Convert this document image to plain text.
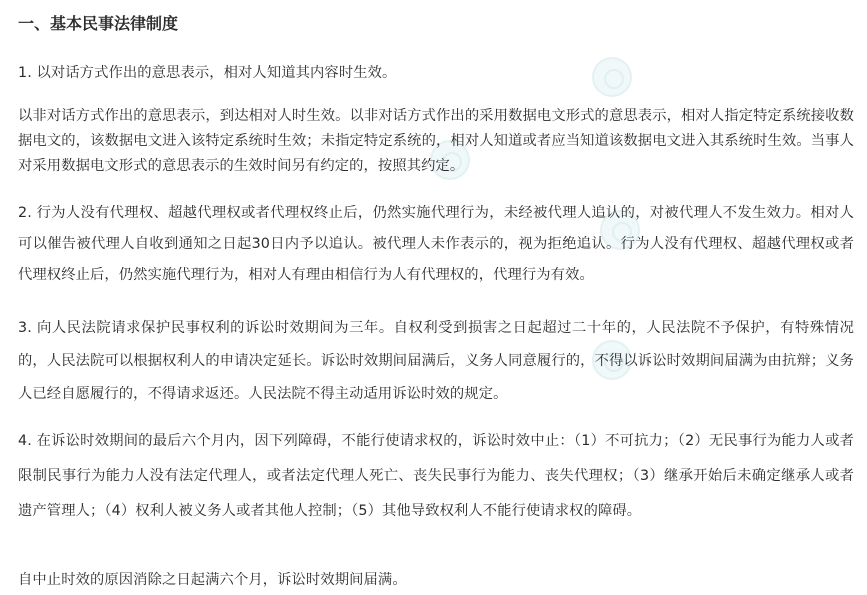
一、基本民事法律制度

1. 以对话方式作出的意思表示，相对人知道其内容时生效。

以非对话方式作出的意思表示，到达相对人时生效。以非对话方式作出的采用数据电文形式的意思表示，相对人指定特定系统接收数据电文的，该数据电文进入该特定系统时生效；未指定特定系统的，相对人知道或者应当知道该数据电文进入其系统时生效。当事人对采用数据电文形式的意思表示的生效时间另有约定的，按照其约定。

2. 行为人没有代理权、超越代理权或者代理权终止后，仍然实施代理行为，未经被代理人追认的，对被代理人不发生效力。相对人可以催告被代理人自收到通知之日起30日内予以追认。被代理人未作表示的，视为拒绝追认。行为人没有代理权、超越代理权或者代理权终止后，仍然实施代理行为，相对人有理由相信行为人有代理权的，代理行为有效。

3. 向人民法院请求保护民事权利的诉讼时效期间为三年。自权利受到损害之日起超过二十年的，人民法院不予保护，有特殊情况的，人民法院可以根据权利人的申请决定延长。诉讼时效期间届满后，义务人同意履行的，不得以诉讼时效期间届满为由抗辩；义务人已经自愿履行的，不得请求返还。人民法院不得主动适用诉讼时效的规定。

4. 在诉讼时效期间的最后六个月内，因下列障碍，不能行使请求权的，诉讼时效中止：（1）不可抗力；（2）无民事行为能力人或者限制民事行为能力人没有法定代理人，或者法定代理人死亡、丧失民事行为能力、丧失代理权；（3）继承开始后未确定继承人或者遗产管理人；（4）权利人被义务人或者其他人控制；（5）其他导致权利人不能行使请求权的障碍。

自中止时效的原因消除之日起满六个月，诉讼时效期间届满。
